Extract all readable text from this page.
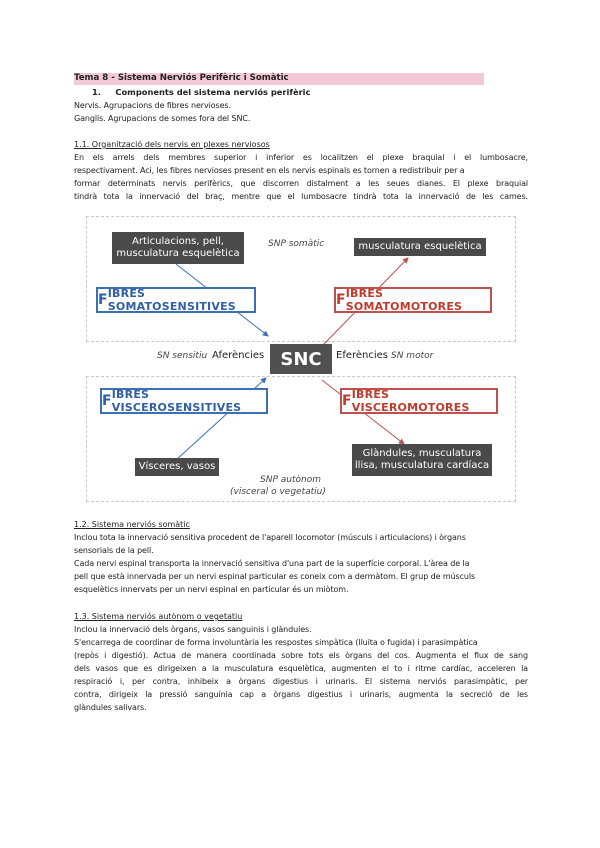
Tema 8 - Sistema Nerviós Perifèric i Somàtic
1. Components del sistema nerviós perifèric
Nervis. Agrupacions de fibres nervioses.
Ganglis. Agrupacions de somes fora del SNC.
1.1. Organització dels nervis en plexes nerviosos
En els arrels dels membres superior i inferior es localitzen el plexe braquial i el lumbosacre,
respectivament. Aci, les fibres nervioses present en els nervis espinals es tornen a redistribuir per a
formar determinats nervis perifèrics, que discorren distalment a les seues dianes. El plexe braquial
tindrà tota la innervació del braç, mentre que el lumbosacre tindrà tota la innervació de les cames.
Articulacions, pell,
musculatura esquelètica
SNP somàtic	musculatura esquelètica
F IBRES SOMATOSENSITIVES	F IBRES SOMATOMOTORES
SN sensitiu Aferències SNC	Eferències SN motor
F IBRES VISCEROSENSITIVES	F IBRES VISCEROMOTORES
Glàndules, musculatura
llisa, musculatura cardíaca
Vísceres, vasos
SNP autònom
(visceral o vegetatiu)
1.2. Sistema nerviós somàtic
Inclou tota la innervació sensitiva procedent de l'aparell locomotor (músculs i articulacions) i òrgans
sensorials de la pell.
Cada nervi espinal transporta la innervació sensitiva d'una part de la superfície corporal. L'àrea de la
pell que està innervada per un nervi espinal particular es coneix com a dermàtom. El grup de músculs
esquelètics innervats per un nervi espinal en particular és un miòtom.
1.3. Sistema nerviós autònom o vegetatiu
Inclou la innervació dels òrgans, vasos sanguinis i glàndules.
S'encarrega de coordinar de forma involuntària les respostes simpàtica (lluita o fugida) i parasimpàtica
(repòs i digestió). Actua de manera coordinada sobre tots els òrgans del cos. Augmenta el flux de sang
dels vasos que es dirigeixen a la musculatura esquelètica, augmenten el to i ritme cardíac, acceleren la
respiració i, per contra, inhibeix a òrgans digestius i urinaris. El sistema nerviós parasimpàtic, per
contra, dirigeix la pressió sanguínia cap a òrgans digestius i urinaris, augmenta la secreció de les
glàndules salivars.
